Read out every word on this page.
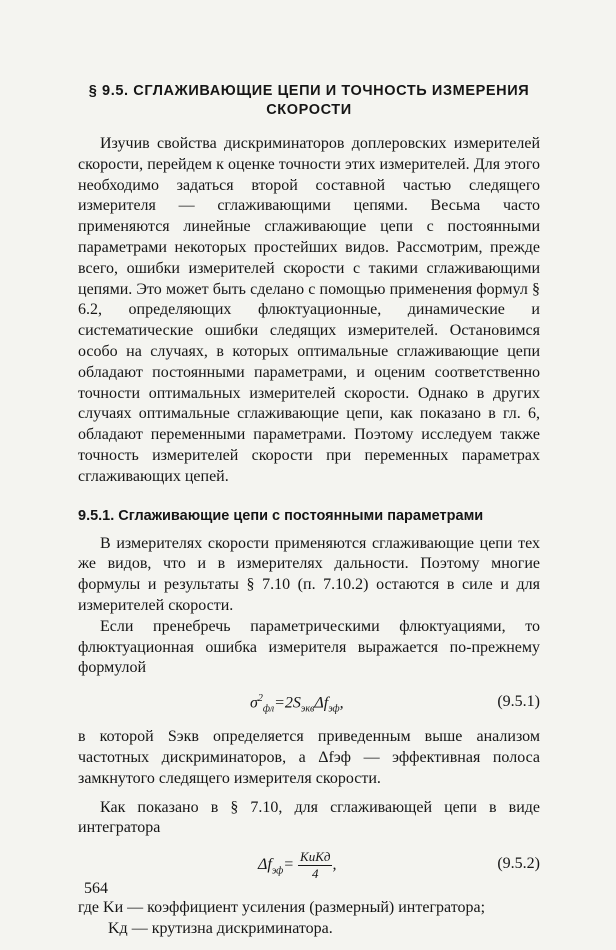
§ 9.5. СГЛАЖИВАЮЩИЕ ЦЕПИ И ТОЧНОСТЬ ИЗМЕРЕНИЯ
СКОРОСТИ

Изучив свойства дискриминаторов доплеровских измерителей скорости, перейдем к оценке точности этих измерителей. Для этого необходимо задаться второй составной частью следящего измерителя — сглаживающими цепями. Весьма часто применяются линейные сглаживающие цепи с постоянными параметрами некоторых простейших видов. Рассмотрим, прежде всего, ошибки измерителей скорости с такими сглаживающими цепями. Это может быть сделано с помощью применения формул § 6.2, определяющих флюктуационные, динамические и систематические ошибки следящих измерителей. Остановимся особо на случаях, в которых оптимальные сглаживающие цепи обладают постоянными параметрами, и оценим соответственно точности оптимальных измерителей скорости. Однако в других случаях оптимальные сглаживающие цепи, как показано в гл. 6, обладают переменными параметрами. Поэтому исследуем также точность измерителей скорости при переменных параметрах сглаживающих цепей.

9.5.1. Сглаживающие цепи с постоянными параметрами

В измерителях скорости применяются сглаживающие цепи тех же видов, что и в измерителях дальности. Поэтому многие формулы и результаты § 7.10 (п. 7.10.2) остаются в силе и для измерителей скорости.

Если пренебречь параметрическими флюктуациями, то флюктуационная ошибка измерителя выражается по-прежнему формулой

$\sigma^2_{фл}=2S_{экв}\Delta f_{эф}$,	(9.5.1)

в которой Sэкв определяется приведенным выше анализом частотных дискриминаторов, а Δfэф — эффективная полоса замкнутого следящего измерителя скорости.

Как показано в § 7.10, для сглаживающей цепи в виде интегратора

$\Delta f_{эф}= \frac{\text{KиKд}}{4}$ ,	(9.5.2)
где Kи — коэффициент усиления (размерный) интегратора;
Kд — крутизна дискриминатора.
564
